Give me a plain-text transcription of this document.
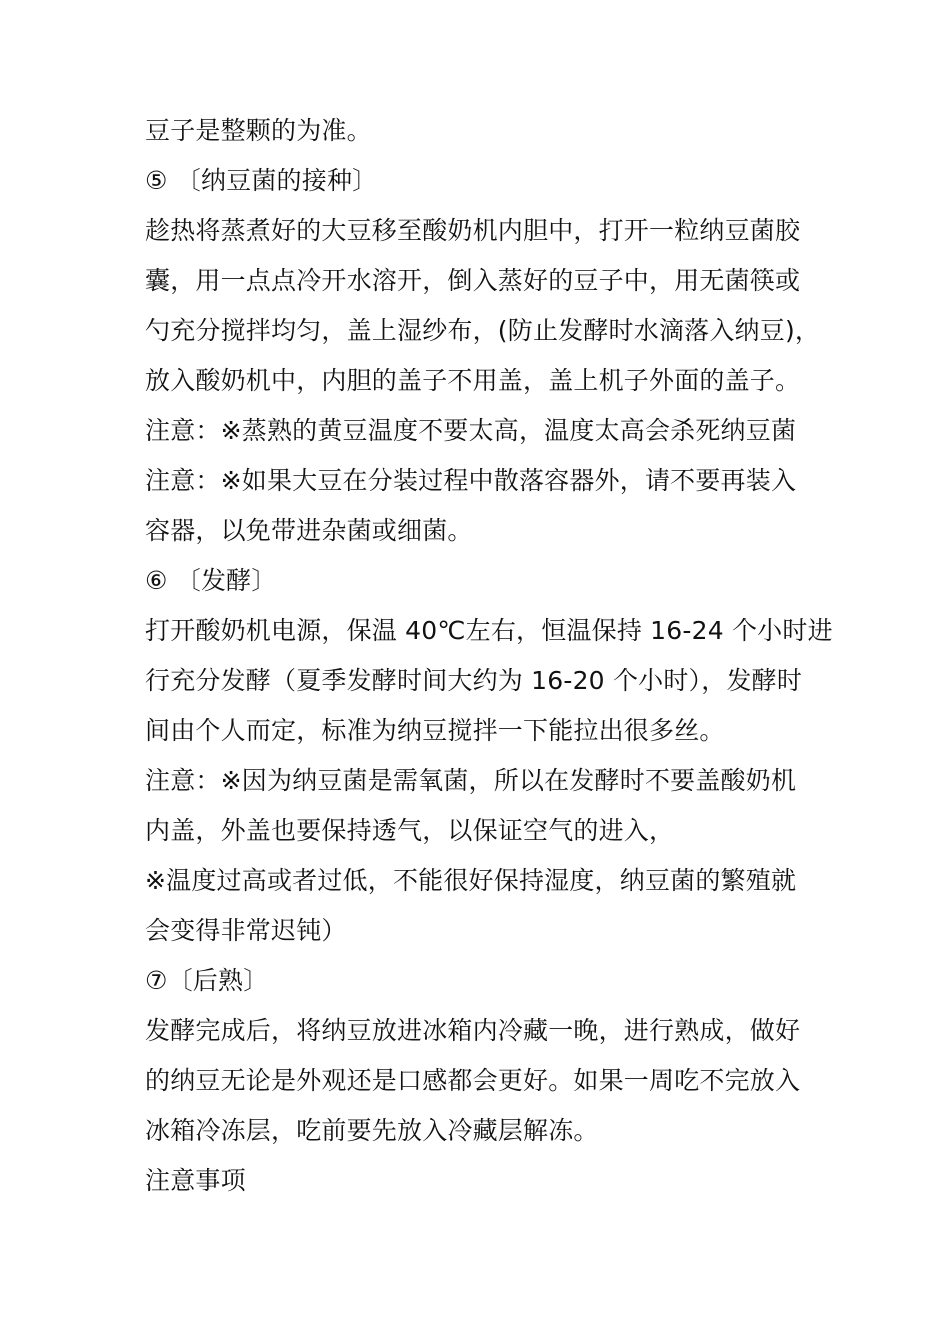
豆子是整颗的为准。
⑤ 〔纳豆菌的接种〕
趁热将蒸煮好的大豆移至酸奶机内胆中，打开一粒纳豆菌胶
囊，用一点点冷开水溶开，倒入蒸好的豆子中，用无菌筷或
勺充分搅拌均匀，盖上湿纱布，(防止发酵时水滴落入纳豆)，
放入酸奶机中，内胆的盖子不用盖，盖上机子外面的盖子。
注意：※蒸熟的黄豆温度不要太高，温度太高会杀死纳豆菌
注意：※如果大豆在分装过程中散落容器外，请不要再装入
容器，以免带进杂菌或细菌。
⑥ 〔发酵〕
打开酸奶机电源，保温 40℃左右，恒温保持 16-24 个小时进
行充分发酵（夏季发酵时间大约为 16-20 个小时），发酵时
间由个人而定，标准为纳豆搅拌一下能拉出很多丝。
注意：※因为纳豆菌是需氧菌，所以在发酵时不要盖酸奶机
内盖，外盖也要保持透气，以保证空气的进入，
※温度过高或者过低，不能很好保持湿度，纳豆菌的繁殖就
会变得非常迟钝）
⑦〔后熟〕
发酵完成后，将纳豆放进冰箱内冷藏一晚，进行熟成，做好
的纳豆无论是外观还是口感都会更好。如果一周吃不完放入
冰箱冷冻层，吃前要先放入冷藏层解冻。
注意事项
